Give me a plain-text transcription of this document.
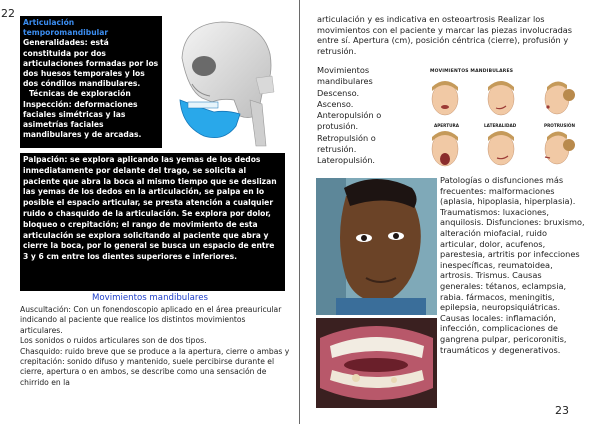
22
Articulación temporomandibular
Generalidades: está constituida por dos articulaciones formadas por los dos huesos temporales y los dos cóndilos mandibulares.
Técnicas de exploración
Inspección: deformaciones faciales simétricas y las asimetrías faciales mandibulares y de arcadas.
Palpación: se explora aplicando las yemas de los dedos inmediatamente por delante del trago, se solicita al paciente que abra la boca al mismo tiempo que se deslizan las yemas de los dedos en la articulación, se palpa en lo posible el espacio articular, se presta atención a cualquier ruido o chasquido de la articulación. Se explora por dolor, bloqueo o crepitación; el rango de movimiento de esta articulación se explora solicitando al paciente que abra y cierre la boca, por lo general se busca un espacio de entre 3 y 6 cm entre los dientes superiores e inferiores.
Movimientos mandibulares
Auscultación: Con un fonendoscopio aplicado en el área preauricular indicando al paciente que realice los distintos movimientos articulares.
Los sonidos o ruidos articulares son de dos tipos.
Chasquido: ruido breve que se produce a la apertura, cierre o ambas y crepitación: sonido difuso y mantenido, suele percibirse durante el cierre, apertura o en ambos, se describe como una sensación de chirrido en la
articulación y es indicativa en osteoartrosis Realizar los movimientos con el paciente y marcar las piezas involucradas entre sí. Apertura (cm), posición céntrica (cierre), profusión y retrusión.
Movimientos mandibulares
Descenso.
Ascenso.
Anteropulsión o protusión.
Retropulsión o retrusión.
Lateropulsión.
MOVIMIENTOS MANDIBULARES
APERTURA	LATERALIDAD	PROTRUSIÓN
Patologías o disfunciones más frecuentes: malformaciones (aplasia, hipoplasia, hiperplasia). Traumatismos: luxaciones, anquilosis. Disfunciones: bruxismo, alteración miofacial, ruido articular, dolor, acufenos, parestesia, artritis por infecciones inespecíficas, reumatoidea, artrosis. Trismus. Causas generales: tétanos, eclampsia, rabia. fármacos, meningitis, epilepsia, neuropsiquiátricas. Causas locales: inflamación, infección, complicaciones de gangrena pulpar, pericoronitis, traumáticos y degenerativos.
23
